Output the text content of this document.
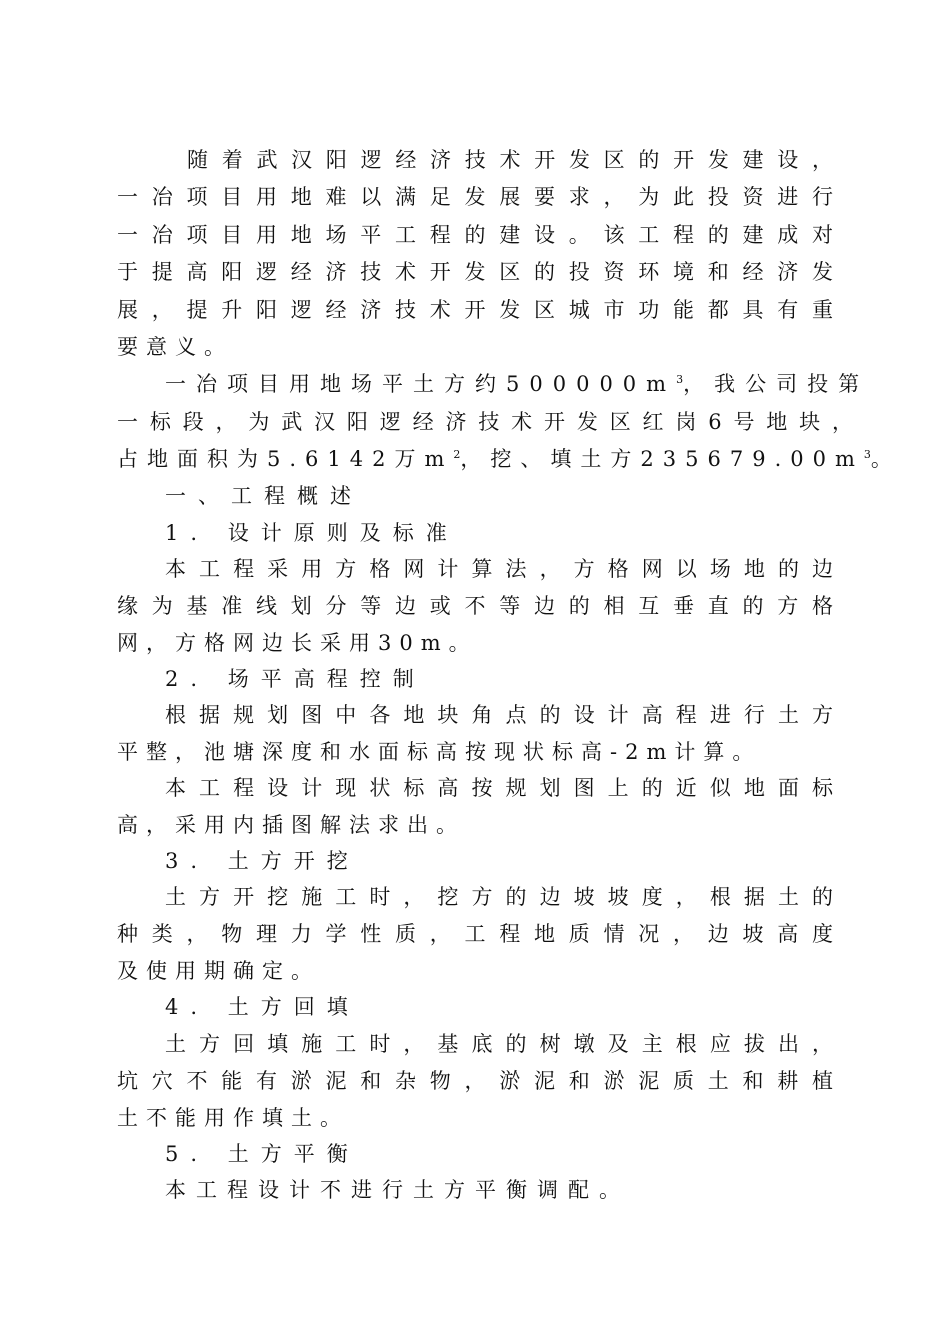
随着武汉阳逻经济技术开发区的开发建设，
一冶项目用地难以满足发展要求，为此投资进行
一冶项目用地场平工程的建设。该工程的建成对
于提高阳逻经济技术开发区的投资环境和经济发
展，提升阳逻经济技术开发区城市功能都具有重
要意义。
一冶项目用地场平土方约$500000m^3$，我公司投第
一标段，为武汉阳逻经济技术开发区红岗6号地块，
占地面积为5.6142万$m^2$，挖、填土方$235679.00m^3$。
一、工程概述
1. 设计原则及标准
本工程采用方格网计算法，方格网以场地的边
缘为基准线划分等边或不等边的相互垂直的方格
网，方格网边长采用30m。
2. 场平高程控制
根据规划图中各地块角点的设计高程进行土方
平整，池塘深度和水面标高按现状标高-2m计算。
本工程设计现状标高按规划图上的近似地面标
高，采用内插图解法求出。
3. 土方开挖
土方开挖施工时，挖方的边坡坡度，根据土的
种类，物理力学性质，工程地质情况，边坡高度
及使用期确定。
4. 土方回填
土方回填施工时，基底的树墩及主根应拔出，
坑穴不能有淤泥和杂物，淤泥和淤泥质土和耕植
土不能用作填土。
5. 土方平衡
本工程设计不进行土方平衡调配。
